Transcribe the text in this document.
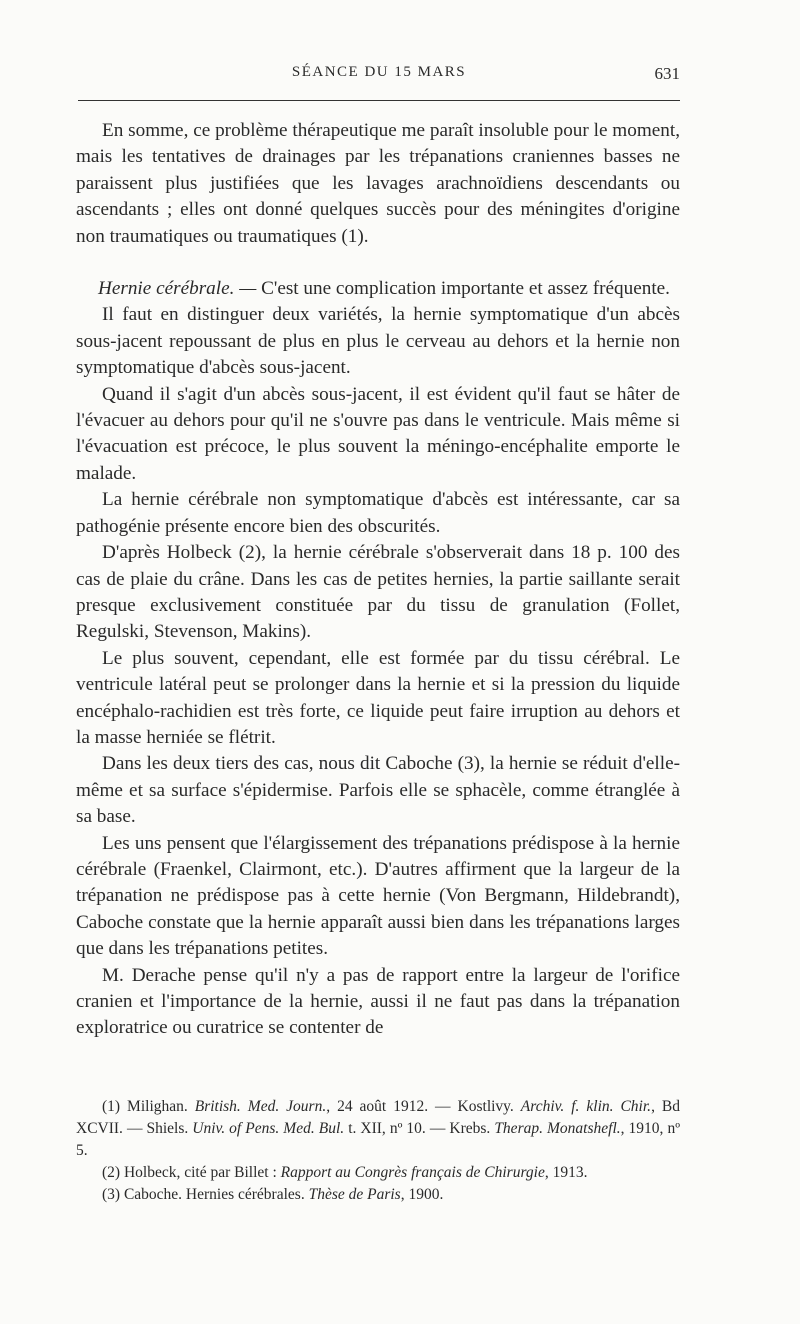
SÉANCE DU 15 MARS	631

En somme, ce problème thérapeutique me paraît insoluble pour le moment, mais les tentatives de drainages par les trépanations craniennes basses ne paraissent plus justifiées que les lavages arachnoïdiens descendants ou ascendants ; elles ont donné quelques succès pour des méningites d'origine non traumatiques ou traumatiques (1).

Hernie cérébrale. — C'est une complication importante et assez fréquente.

Il faut en distinguer deux variétés, la hernie symptomatique d'un abcès sous-jacent repoussant de plus en plus le cerveau au dehors et la hernie non symptomatique d'abcès sous-jacent.

Quand il s'agit d'un abcès sous-jacent, il est évident qu'il faut se hâter de l'évacuer au dehors pour qu'il ne s'ouvre pas dans le ventricule. Mais même si l'évacuation est précoce, le plus souvent la méningo-encéphalite emporte le malade.

La hernie cérébrale non symptomatique d'abcès est intéressante, car sa pathogénie présente encore bien des obscurités.

D'après Holbeck (2), la hernie cérébrale s'observerait dans 18 p. 100 des cas de plaie du crâne. Dans les cas de petites hernies, la partie saillante serait presque exclusivement constituée par du tissu de granulation (Follet, Regulski, Stevenson, Makins).

Le plus souvent, cependant, elle est formée par du tissu cérébral. Le ventricule latéral peut se prolonger dans la hernie et si la pression du liquide encéphalo-rachidien est très forte, ce liquide peut faire irruption au dehors et la masse herniée se flétrit.

Dans les deux tiers des cas, nous dit Caboche (3), la hernie se réduit d'elle-même et sa surface s'épidermise. Parfois elle se sphacèle, comme étranglée à sa base.

Les uns pensent que l'élargissement des trépanations prédispose à la hernie cérébrale (Fraenkel, Clairmont, etc.). D'autres affirment que la largeur de la trépanation ne prédispose pas à cette hernie (Von Bergmann, Hildebrandt), Caboche constate que la hernie apparaît aussi bien dans les trépanations larges que dans les trépanations petites.

M. Derache pense qu'il n'y a pas de rapport entre la largeur de l'orifice cranien et l'importance de la hernie, aussi il ne faut pas dans la trépanation exploratrice ou curatrice se contenter de

(1) Milighan. British. Med. Journ., 24 août 1912. — Kostlivy. Archiv. f. klin. Chir., Bd XCVII. — Shiels. Univ. of Pens. Med. Bul. t. XII, nº 10. — Krebs. Therap. Monatshefl., 1910, nº 5.

(2) Holbeck, cité par Billet : Rapport au Congrès français de Chirurgie, 1913.

(3) Caboche. Hernies cérébrales. Thèse de Paris, 1900.
